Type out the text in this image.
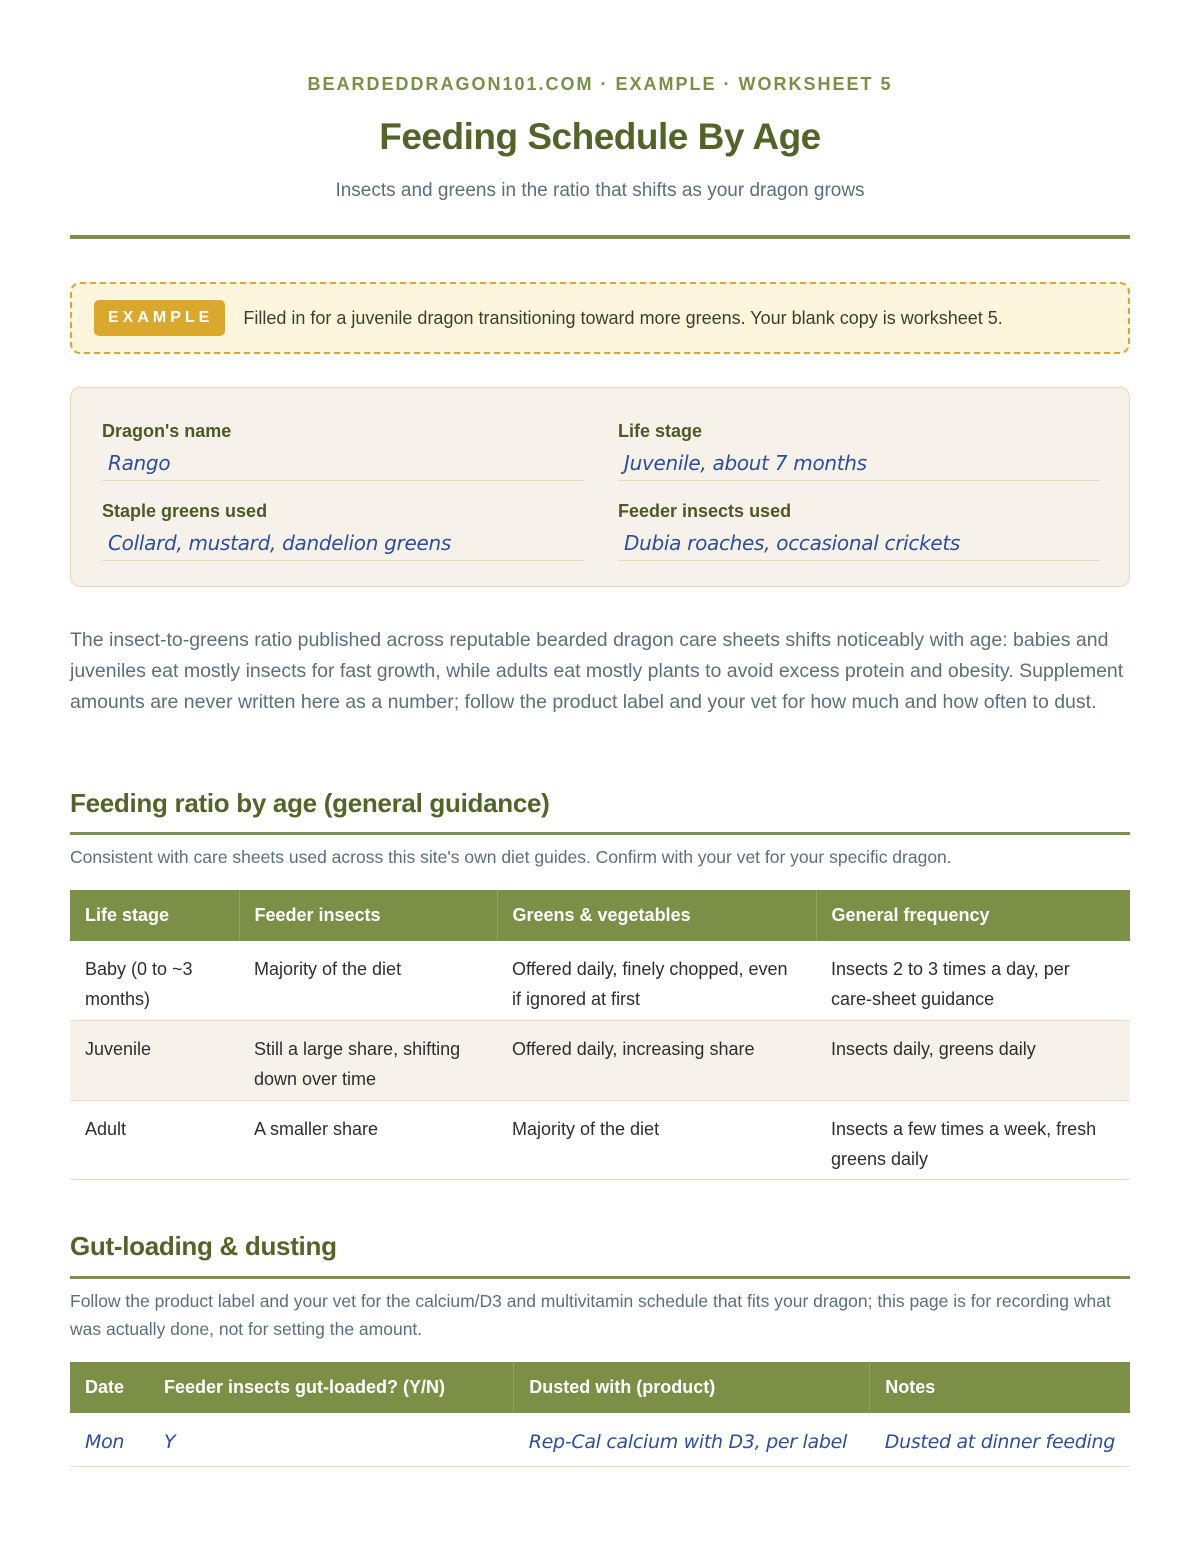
BEARDEDDRAGON101.COM · EXAMPLE · WORKSHEET 5
Feeding Schedule By Age
Insects and greens in the ratio that shifts as your dragon grows
EXAMPLE	Filled in for a juvenile dragon transitioning toward more greens. Your blank copy is worksheet 5.
Dragon's name
Rango
Life stage
Juvenile, about 7 months
Staple greens used
Collard, mustard, dandelion greens
Feeder insects used
Dubia roaches, occasional crickets

The insect-to-greens ratio published across reputable bearded dragon care sheets shifts noticeably with age: babies and juveniles eat mostly insects for fast growth, while adults eat mostly plants to avoid excess protein and obesity. Supplement amounts are never written here as a number; follow the product label and your vet for how much and how often to dust.

Feeding ratio by age (general guidance)

Consistent with care sheets used across this site's own diet guides. Confirm with your vet for your specific dragon.

Life stage	Feeder insects	Greens & vegetables	General frequency
Baby (0 to ~3 months)	Majority of the diet	Offered daily, finely chopped, even if ignored at first	Insects 2 to 3 times a day, per care-sheet guidance
Juvenile	Still a large share, shifting down over time	Offered daily, increasing share	Insects daily, greens daily
Adult	A smaller share	Majority of the diet	Insects a few times a week, fresh greens daily
Gut-loading & dusting

Follow the product label and your vet for the calcium/D3 and multivitamin schedule that fits your dragon; this page is for recording what was actually done, not for setting the amount.

Date	Feeder insects gut-loaded? (Y/N)	Dusted with (product)	Notes
Mon	Y	Rep-Cal calcium with D3, per label	Dusted at dinner feeding
